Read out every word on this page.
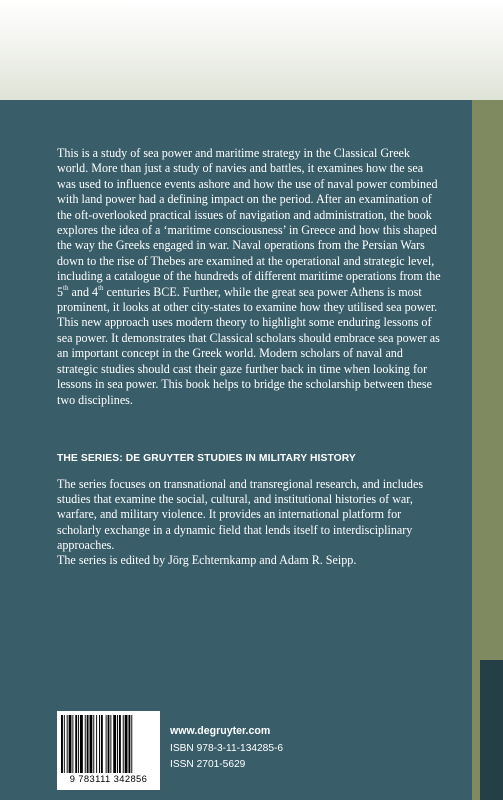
This is a study of sea power and maritime strategy in the Classical Greek world. More than just a study of navies and battles, it examines how the sea was used to influence events ashore and how the use of naval power combined with land power had a defining impact on the period. After an examination of the oft-overlooked practical issues of navigation and administration, the book explores the idea of a ‘maritime consciousness’ in Greece and how this shaped the way the Greeks engaged in war. Naval operations from the Persian Wars down to the rise of Thebes are examined at the operational and strategic level, including a catalogue of the hundreds of different maritime operations from the 5th and 4th centuries BCE. Further, while the great sea power Athens is most prominent, it looks at other city-states to examine how they utilised sea power.

This new approach uses modern theory to highlight some enduring lessons of sea power. It demonstrates that Classical scholars should embrace sea power as an important concept in the Greek world. Modern scholars of naval and strategic studies should cast their gaze further back in time when looking for lessons in sea power. This book helps to bridge the scholarship between these two disciplines.

THE SERIES: DE GRUYTER STUDIES IN MILITARY HISTORY

The series focuses on transnational and transregional research, and includes studies that examine the social, cultural, and institutional histories of war, warfare, and military violence. It provides an international platform for scholarly exchange in a dynamic field that lends itself to interdisciplinary approaches.

The series is edited by Jörg Echternkamp and Adam R. Seipp.

9 783111 342856
www.degruyter.com
ISBN 978-3-11-134285-6
ISSN 2701-5629
